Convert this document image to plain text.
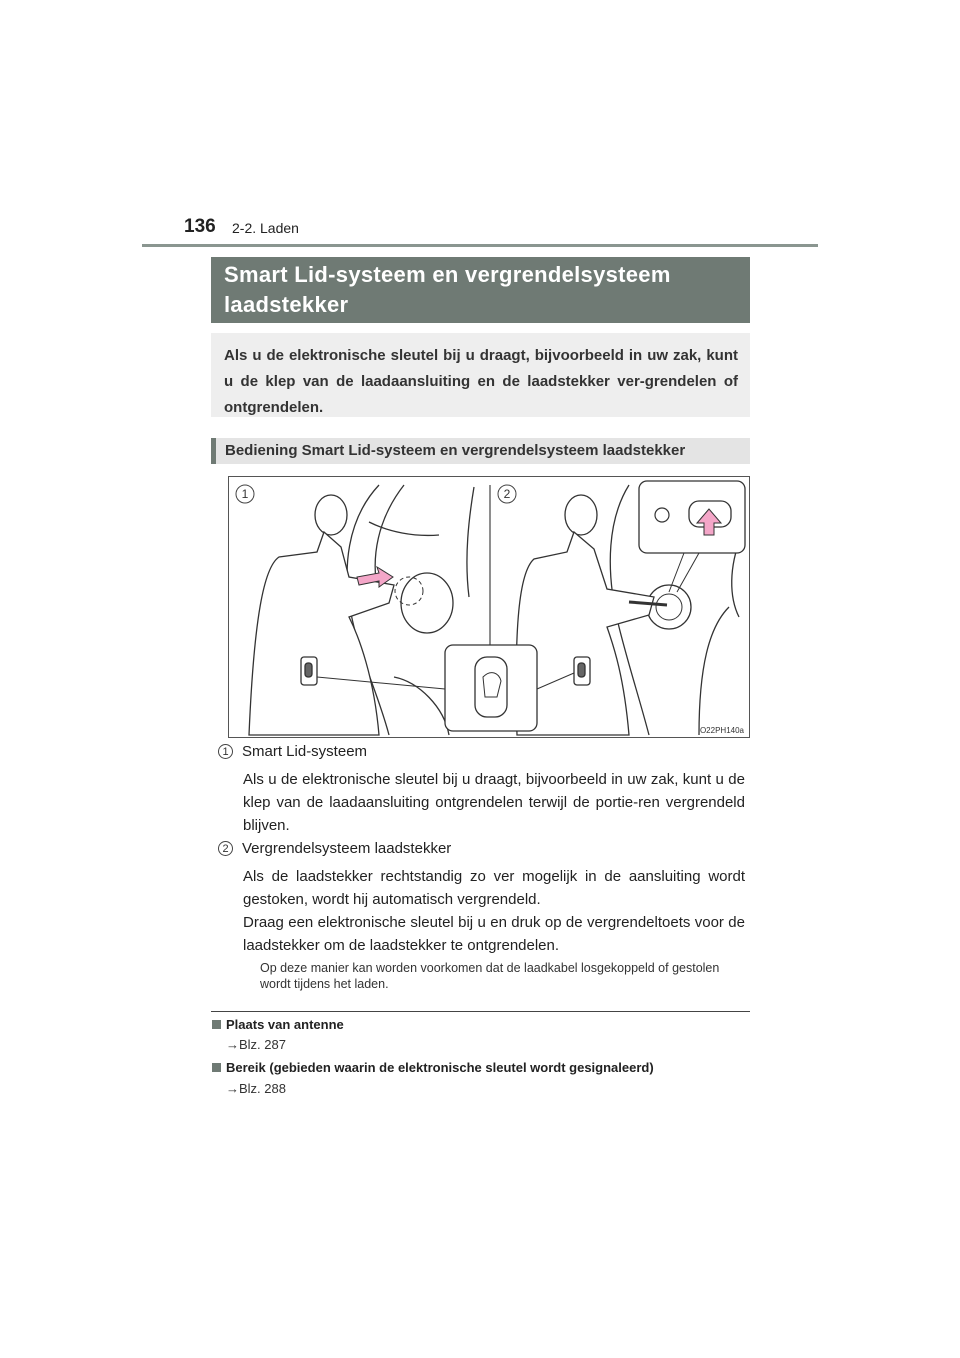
136 2-2. Laden
Smart Lid-systeem en vergrendelsysteem laadstekker
Als u de elektronische sleutel bij u draagt, bijvoorbeeld in uw zak, kunt u de klep van de laadaansluiting en de laadstekker ver-grendelen of ontgrendelen.
Bediening Smart Lid-systeem en vergrendelsysteem laadstekker
1	2
IO22PH140a
1 Smart Lid-systeem

Als u de elektronische sleutel bij u draagt, bijvoorbeeld in uw zak, kunt u de klep van de laadaansluiting ontgrendelen terwijl de portie-ren vergrendeld blijven.

2 Vergrendelsysteem laadstekker

Als de laadstekker rechtstandig zo ver mogelijk in de aansluiting wordt gestoken, wordt hij automatisch vergrendeld.

Draag een elektronische sleutel bij u en druk op de vergrendeltoets voor de laadstekker om de laadstekker te ontgrendelen.

Op deze manier kan worden voorkomen dat de laadkabel losgekoppeld of gestolen wordt tijdens het laden.
Plaats van antenne
→Blz. 287
Bereik (gebieden waarin de elektronische sleutel wordt gesignaleerd)
→Blz. 288
